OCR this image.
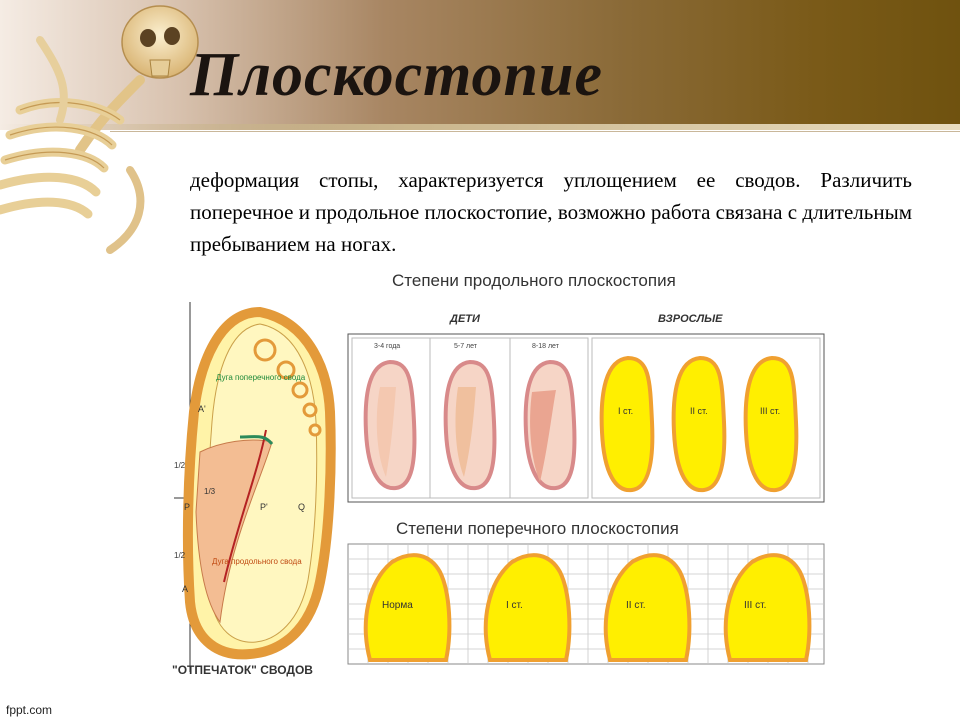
Плоскостопие
деформация стопы, характеризуется уплощением ее сводов. Различить поперечное и продольное плоскостопие, возможно работа связана с длительным пребыванием на ногах.
Дуга поперечного свода
Дуга продольного свода
1/2
1/2
1/3
A'
A
P	P'	Q
"ОТПЕЧАТОК" СВОДОВ
Степени продольного плоскостопия
ДЕТИ	ВЗРОСЛЫЕ
3-4 года	5-7 лет	8-18 лет
I ст.	II ст.	III ст.
Степени поперечного плоскостопия
Норма	I ст.	II ст.	III ст.
fppt.com
